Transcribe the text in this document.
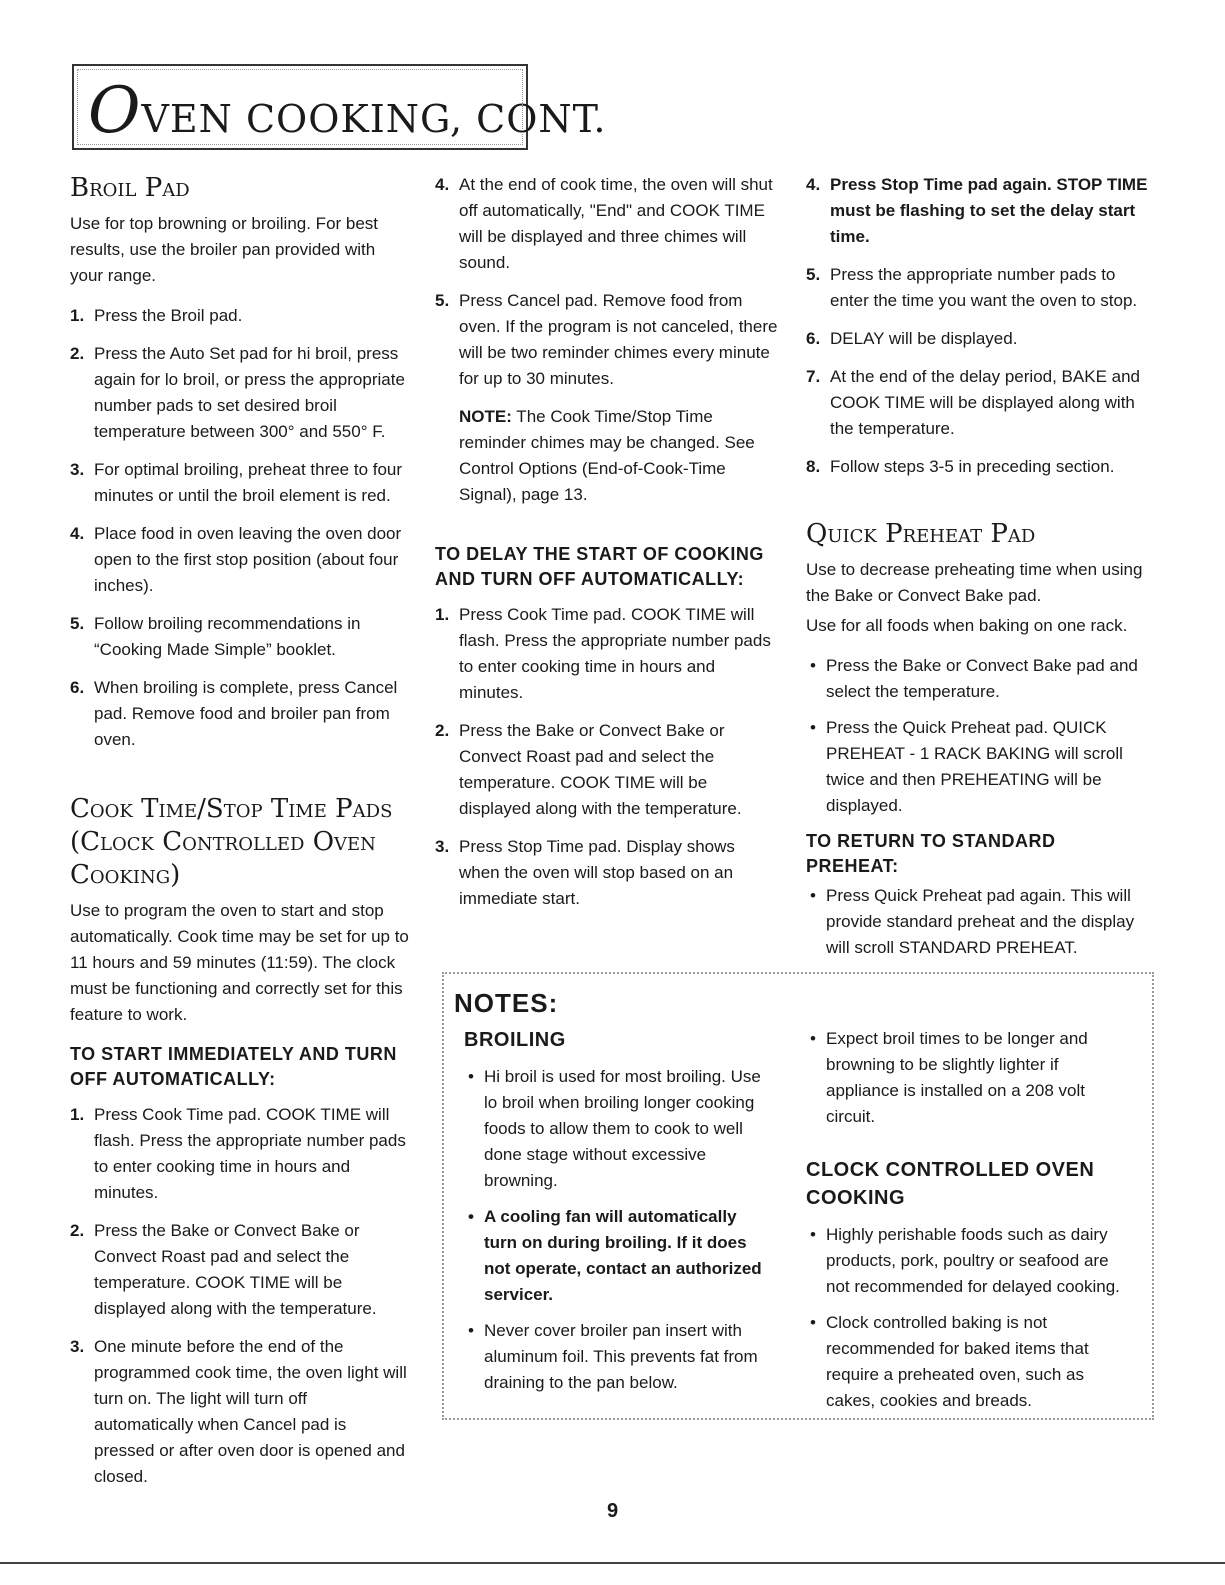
OVEN COOKING, CONT.
Broil Pad

Use for top browning or broiling. For best results, use the broiler pan provided with your range.

1. Press the Broil pad.
2. Press the Auto Set pad for hi broil, press again for lo broil, or press the appropriate number pads to set desired broil temperature between 300° and 550° F.
3. For optimal broiling, preheat three to four minutes or until the broil element is red.
4. Place food in oven leaving the oven door open to the first stop position (about four inches).
5. Follow broiling recommendations in “Cooking Made Simple” booklet.
6. When broiling is complete, press Cancel pad. Remove food and broiler pan from oven.
Cook Time/Stop Time Pads (Clock Controlled Oven Cooking)

Use to program the oven to start and stop automatically. Cook time may be set for up to 11 hours and 59 minutes (11:59). The clock must be functioning and correctly set for this feature to work.

TO START IMMEDIATELY AND TURN OFF AUTOMATICALLY:
1. Press Cook Time pad. COOK TIME will flash. Press the appropriate number pads to enter cooking time in hours and minutes.
2. Press the Bake or Convect Bake or Convect Roast pad and select the temperature. COOK TIME will be displayed along with the temperature.
3. One minute before the end of the programmed cook time, the oven light will turn on. The light will turn off automatically when Cancel pad is pressed or after oven door is opened and closed.
4. At the end of cook time, the oven will shut off automatically, "End" and COOK TIME will be displayed and three chimes will sound.
5. Press Cancel pad. Remove food from oven. If the program is not canceled, there will be two reminder chimes every minute for up to 30 minutes.

NOTE: The Cook Time/Stop Time reminder chimes may be changed. See Control Options (End-of-Cook-Time Signal), page 13.

TO DELAY THE START OF COOKING AND TURN OFF AUTOMATICALLY:
1. Press Cook Time pad. COOK TIME will flash. Press the appropriate number pads to enter cooking time in hours and minutes.
2. Press the Bake or Convect Bake or Convect Roast pad and select the temperature. COOK TIME will be displayed along with the temperature.
3. Press Stop Time pad. Display shows when the oven will stop based on an immediate start.
4. Press Stop Time pad again. STOP TIME must be flashing to set the delay start time.
5. Press the appropriate number pads to enter the time you want the oven to stop.
6. DELAY will be displayed.
7. At the end of the delay period, BAKE and COOK TIME will be displayed along with the temperature.
8. Follow steps 3-5 in preceding section.
Quick Preheat Pad

Use to decrease preheating time when using the Bake or Convect Bake pad.

Use for all foods when baking on one rack.

• Press the Bake or Convect Bake pad and select the temperature.
• Press the Quick Preheat pad. QUICK PREHEAT - 1 RACK BAKING will scroll twice and then PREHEATING will be displayed.
TO RETURN TO STANDARD PREHEAT:
• Press Quick Preheat pad again. This will provide standard preheat and the display will scroll STANDARD PREHEAT.
NOTES:
BROILING
• Hi broil is used for most broiling. Use lo broil when broiling longer cooking foods to allow them to cook to well done stage without excessive browning.
• A cooling fan will automatically turn on during broiling. If it does not operate, contact an authorized servicer.
• Never cover broiler pan insert with aluminum foil. This prevents fat from draining to the pan below.
• Expect broil times to be longer and browning to be slightly lighter if appliance is installed on a 208 volt circuit.
CLOCK CONTROLLED OVEN COOKING
• Highly perishable foods such as dairy products, pork, poultry or seafood are not recommended for delayed cooking.
• Clock controlled baking is not recommended for baked items that require a preheated oven, such as cakes, cookies and breads.
9
